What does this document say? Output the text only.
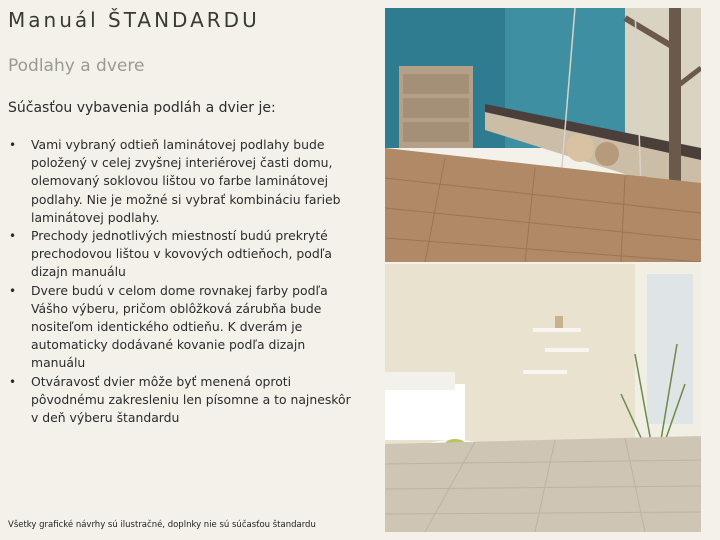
Manuál ŠTANDARDU
Podlahy a dvere
Súčasťou vybavenia podláh a dvier je:
• Vami vybraný odtieň laminátovej podlahy bude položený v celej zvyšnej interiérovej časti domu, olemovaný soklovou lištou vo farbe laminátovej podlahy. Nie je možné si vybrať kombináciu farieb laminátovej podlahy.
• Prechody jednotlivých miestností budú prekryté prechodovou lištou v kovových odtieňoch, podľa dizajn manuálu
• Dvere budú v celom dome rovnakej farby podľa Vášho výberu, pričom oblôžková zárubňa bude nositeľom identického odtieňu. K dverám je automaticky dodávané kovanie podľa dizajn manuálu
• Otváravosť dvier môže byť menená oproti pôvodnému zakresleniu len písomne a to najneskôr v deň výberu štandardu
Všetky grafické návrhy sú ilustračné, doplnky nie sú súčasťou štandardu
